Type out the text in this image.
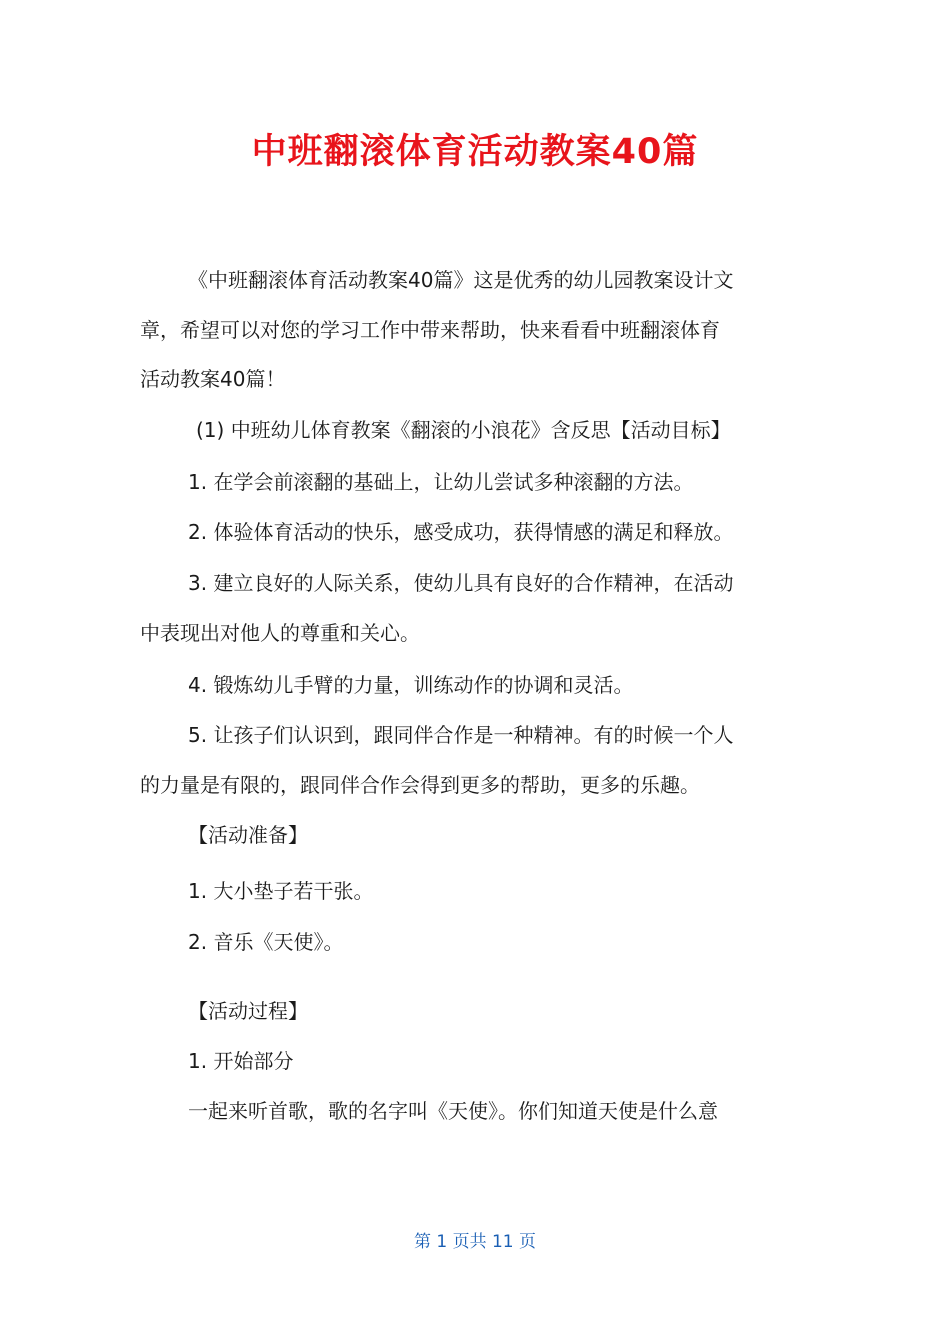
中班翻滚体育活动教案40篇
《中班翻滚体育活动教案40篇》这是优秀的幼儿园教案设计文
章，希望可以对您的学习工作中带来帮助，快来看看中班翻滚体育
活动教案40篇！
(1) 中班幼儿体育教案《翻滚的小浪花》含反思【活动目标】
1. 在学会前滚翻的基础上，让幼儿尝试多种滚翻的方法。
2. 体验体育活动的快乐，感受成功，获得情感的满足和释放。
3. 建立良好的人际关系，使幼儿具有良好的合作精神，在活动
中表现出对他人的尊重和关心。
4. 锻炼幼儿手臂的力量，训练动作的协调和灵活。
5. 让孩子们认识到，跟同伴合作是一种精神。有的时候一个人
的力量是有限的，跟同伴合作会得到更多的帮助，更多的乐趣。
【活动准备】
1. 大小垫子若干张。
2. 音乐《天使》。
【活动过程】
1. 开始部分
一起来听首歌，歌的名字叫《天使》。你们知道天使是什么意
第 1 页共 11 页
